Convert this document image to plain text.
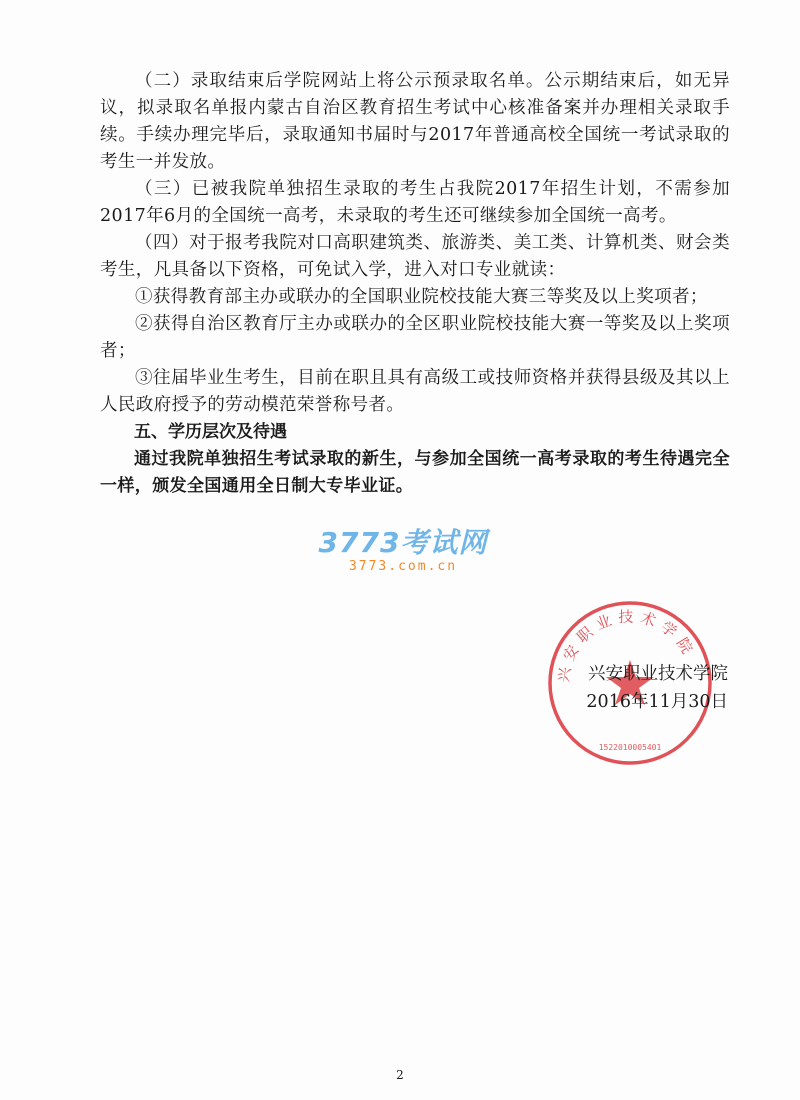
（二）录取结束后学院网站上将公示预录取名单。公示期结束后，如无异议，拟录取名单报内蒙古自治区教育招生考试中心核准备案并办理相关录取手续。手续办理完毕后，录取通知书届时与2017年普通高校全国统一考试录取的考生一并发放。

（三）已被我院单独招生录取的考生占我院2017年招生计划，不需参加2017年6月的全国统一高考，未录取的考生还可继续参加全国统一高考。

（四）对于报考我院对口高职建筑类、旅游类、美工类、计算机类、财会类考生，凡具备以下资格，可免试入学，进入对口专业就读：

①获得教育部主办或联办的全国职业院校技能大赛三等奖及以上奖项者；

②获得自治区教育厅主办或联办的全区职业院校技能大赛一等奖及以上奖项者；

③往届毕业生考生，目前在职且具有高级工或技师资格并获得县级及其以上人民政府授予的劳动模范荣誉称号者。

五、学历层次及待遇

通过我院单独招生考试录取的新生，与参加全国统一高考录取的考生待遇完全一样，颁发全国通用全日制大专毕业证。

3773考试网
3773.com.cn
兴安职业技术学院
1522010005401

兴安职业技术学院

2016年11月30日

2
